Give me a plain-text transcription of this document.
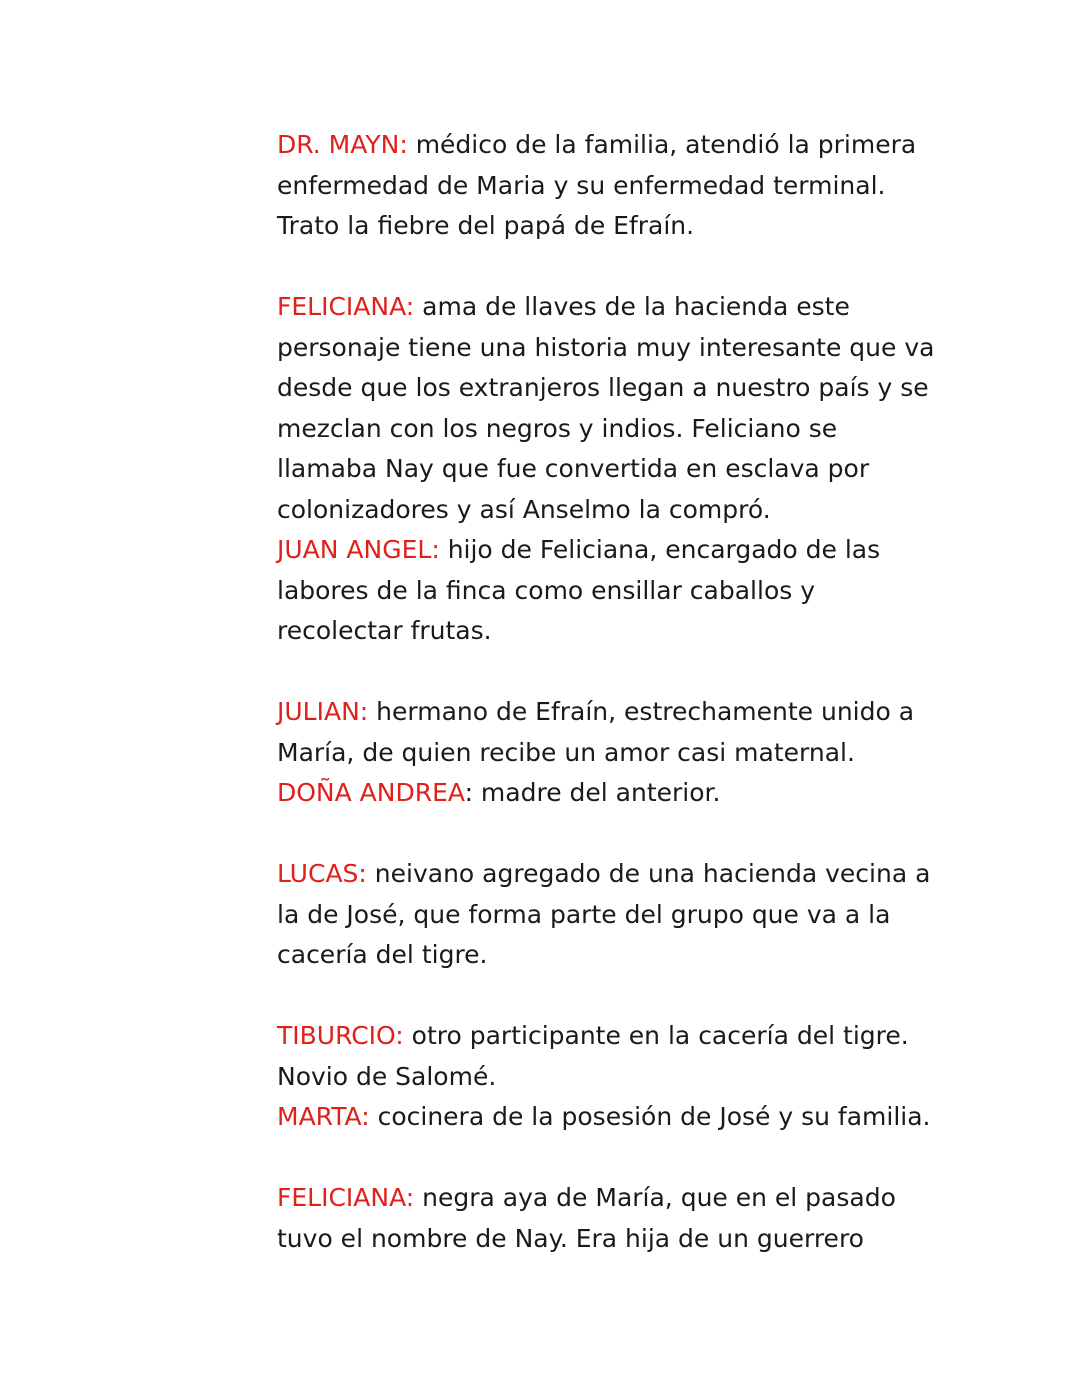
DR. MAYN: médico de la familia, atendió la primera
enfermedad de Maria y su enfermedad terminal.
Trato la fiebre del papá de Efraín.
FELICIANA: ama de llaves de la hacienda este
personaje tiene una historia muy interesante que va
desde que los extranjeros llegan a nuestro país y se
mezclan con los negros y indios. Feliciano se
llamaba Nay que fue convertida en esclava por
colonizadores y así Anselmo la compró.
JUAN ANGEL: hijo de Feliciana, encargado de las
labores de la finca como ensillar caballos y
recolectar frutas.
JULIAN: hermano de Efraín, estrechamente unido a
María, de quien recibe un amor casi maternal.
DOÑA ANDREA: madre del anterior.
LUCAS: neivano agregado de una hacienda vecina a
la de José, que forma parte del grupo que va a la
cacería del tigre.
TIBURCIO: otro participante en la cacería del tigre.
Novio de Salomé.
MARTA: cocinera de la posesión de José y su familia.
FELICIANA: negra aya de María, que en el pasado
tuvo el nombre de Nay. Era hija de un guerrero
